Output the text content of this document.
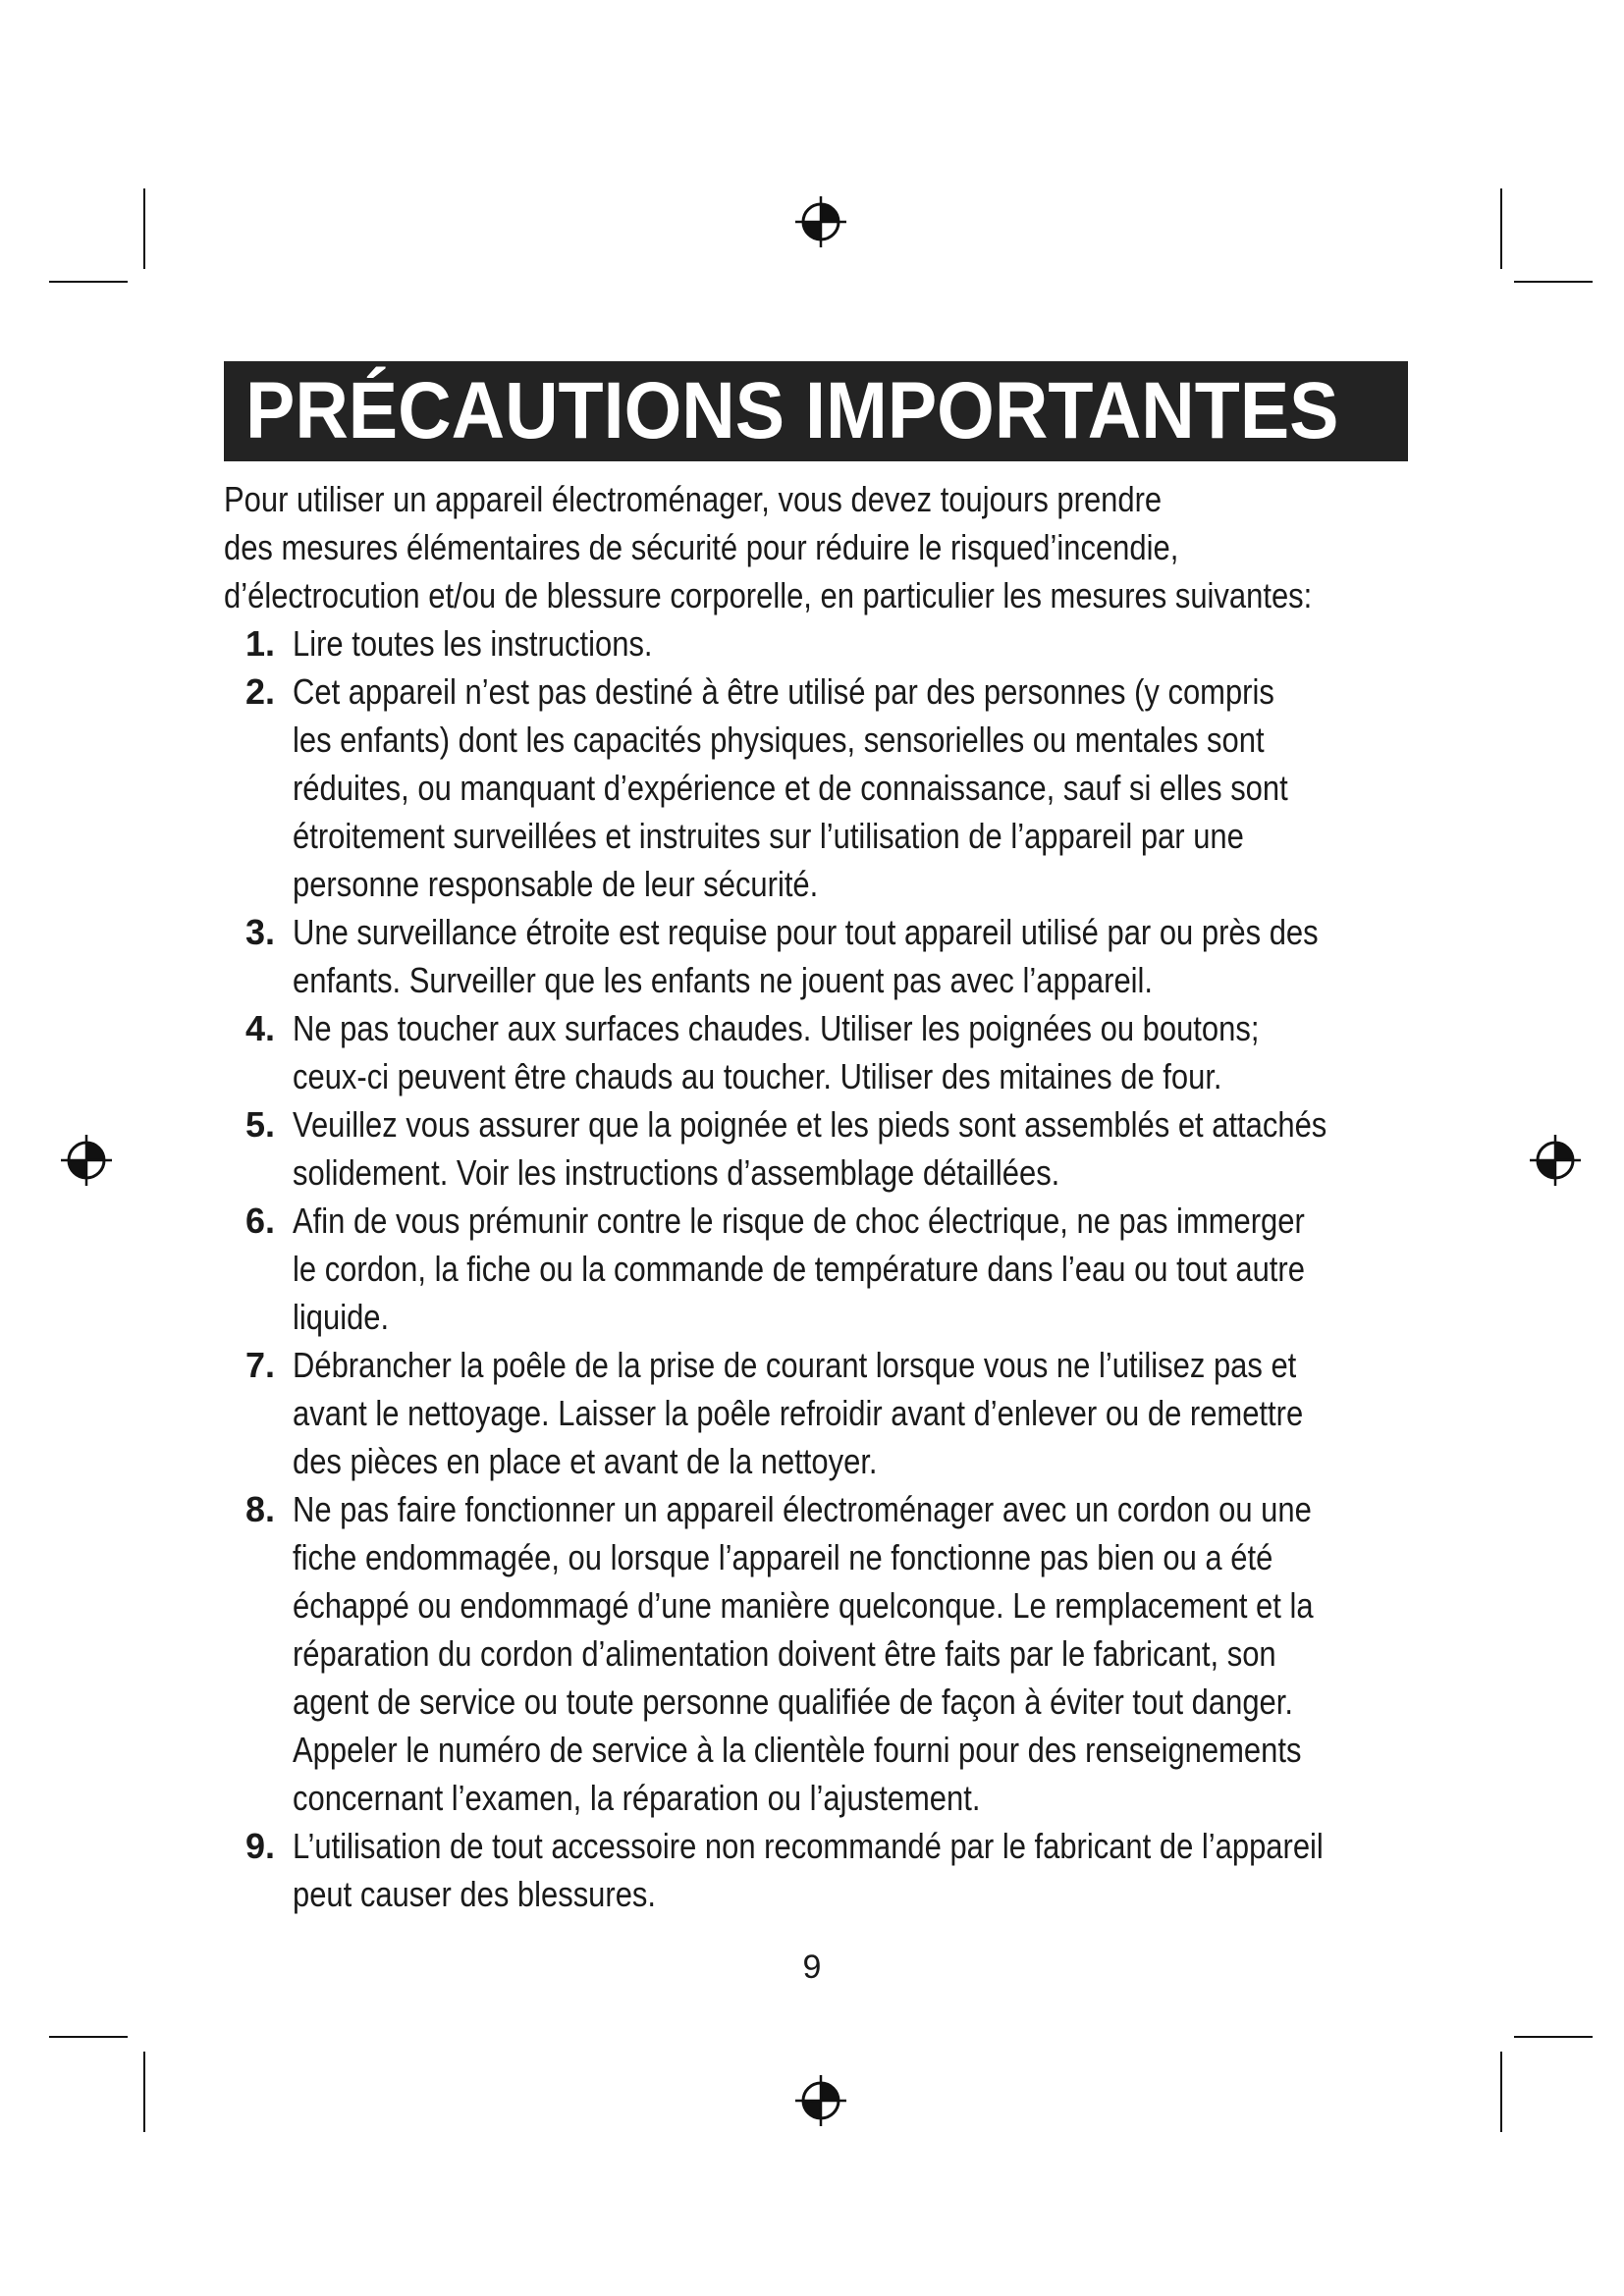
PRÉCAUTIONS IMPORTANTES
Pour utiliser un appareil électroménager, vous devez toujours prendre
des mesures élémentaires de sécurité pour réduire le risqued’incendie,
d’électrocution et/ou de blessure corporelle, en particulier les mesures suivantes:
1. Lire toutes les instructions.
2. Cet appareil n’est pas destiné à être utilisé par des personnes (y compris
les enfants) dont les capacités physiques, sensorielles ou mentales sont
réduites, ou manquant d’expérience et de connaissance, sauf si elles sont
étroitement surveillées et instruites sur l’utilisation de l’appareil par une
personne responsable de leur sécurité.
3. Une surveillance étroite est requise pour tout appareil utilisé par ou près des
enfants. Surveiller que les enfants ne jouent pas avec l’appareil.
4. Ne pas toucher aux surfaces chaudes. Utiliser les poignées ou boutons;
ceux-ci peuvent être chauds au toucher. Utiliser des mitaines de four.
5. Veuillez vous assurer que la poignée et les pieds sont assemblés et attachés
solidement. Voir les instructions d’assemblage détaillées.
6. Afin de vous prémunir contre le risque de choc électrique, ne pas immerger
le cordon, la fiche ou la commande de température dans l’eau ou tout autre
liquide.
7. Débrancher la poêle de la prise de courant lorsque vous ne l’utilisez pas et
avant le nettoyage. Laisser la poêle refroidir avant d’enlever ou de remettre
des pièces en place et avant de la nettoyer.
8. Ne pas faire fonctionner un appareil électroménager avec un cordon ou une
fiche endommagée, ou lorsque l’appareil ne fonctionne pas bien ou a été
échappé ou endommagé d’une manière quelconque. Le remplacement et la
réparation du cordon d’alimentation doivent être faits par le fabricant, son
agent de service ou toute personne qualifiée de façon à éviter tout danger.
Appeler le numéro de service à la clientèle fourni pour des renseignements
concernant l’examen, la réparation ou l’ajustement.
9. L’utilisation de tout accessoire non recommandé par le fabricant de l’appareil
peut causer des blessures.
9
